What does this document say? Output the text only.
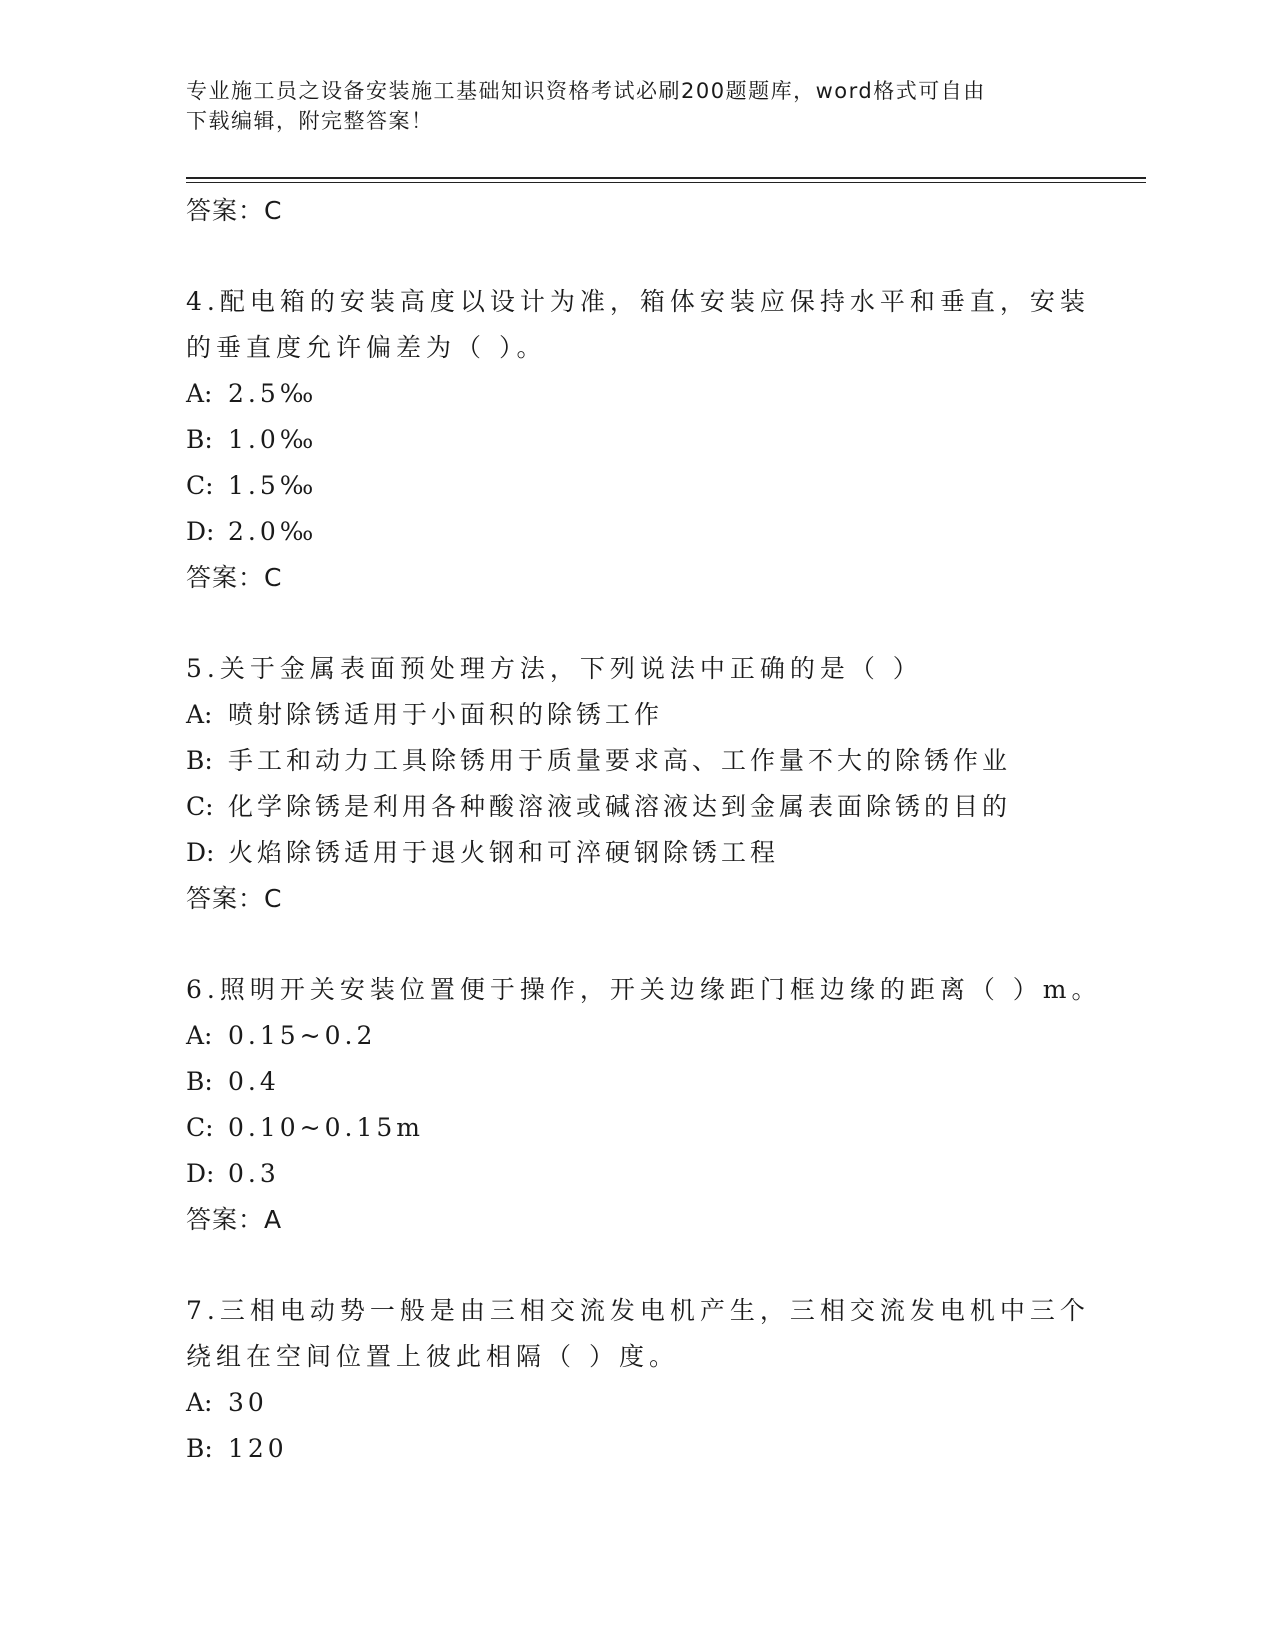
专业施工员之设备安装施工基础知识资格考试必刷200题题库，word格式可自由
下载编辑，附完整答案！
答案：C
4.配电箱的安装高度以设计为准，箱体安装应保持水平和垂直，安装
的垂直度允许偏差为（ ）。
A: 2.5‰
B: 1.0‰
C: 1.5‰
D: 2.0‰
答案：C
5.关于金属表面预处理方法，下列说法中正确的是（ ）
A: 喷射除锈适用于小面积的除锈工作
B: 手工和动力工具除锈用于质量要求高、工作量不大的除锈作业
C: 化学除锈是利用各种酸溶液或碱溶液达到金属表面除锈的目的
D: 火焰除锈适用于退火钢和可淬硬钢除锈工程
答案：C
6.照明开关安装位置便于操作，开关边缘距门框边缘的距离（ ）m。
A: 0.15~0.2
B: 0.4
C: 0.10~0.15m
D: 0.3
答案：A
7.三相电动势一般是由三相交流发电机产生，三相交流发电机中三个
绕组在空间位置上彼此相隔（ ）度。
A: 30
B: 120
